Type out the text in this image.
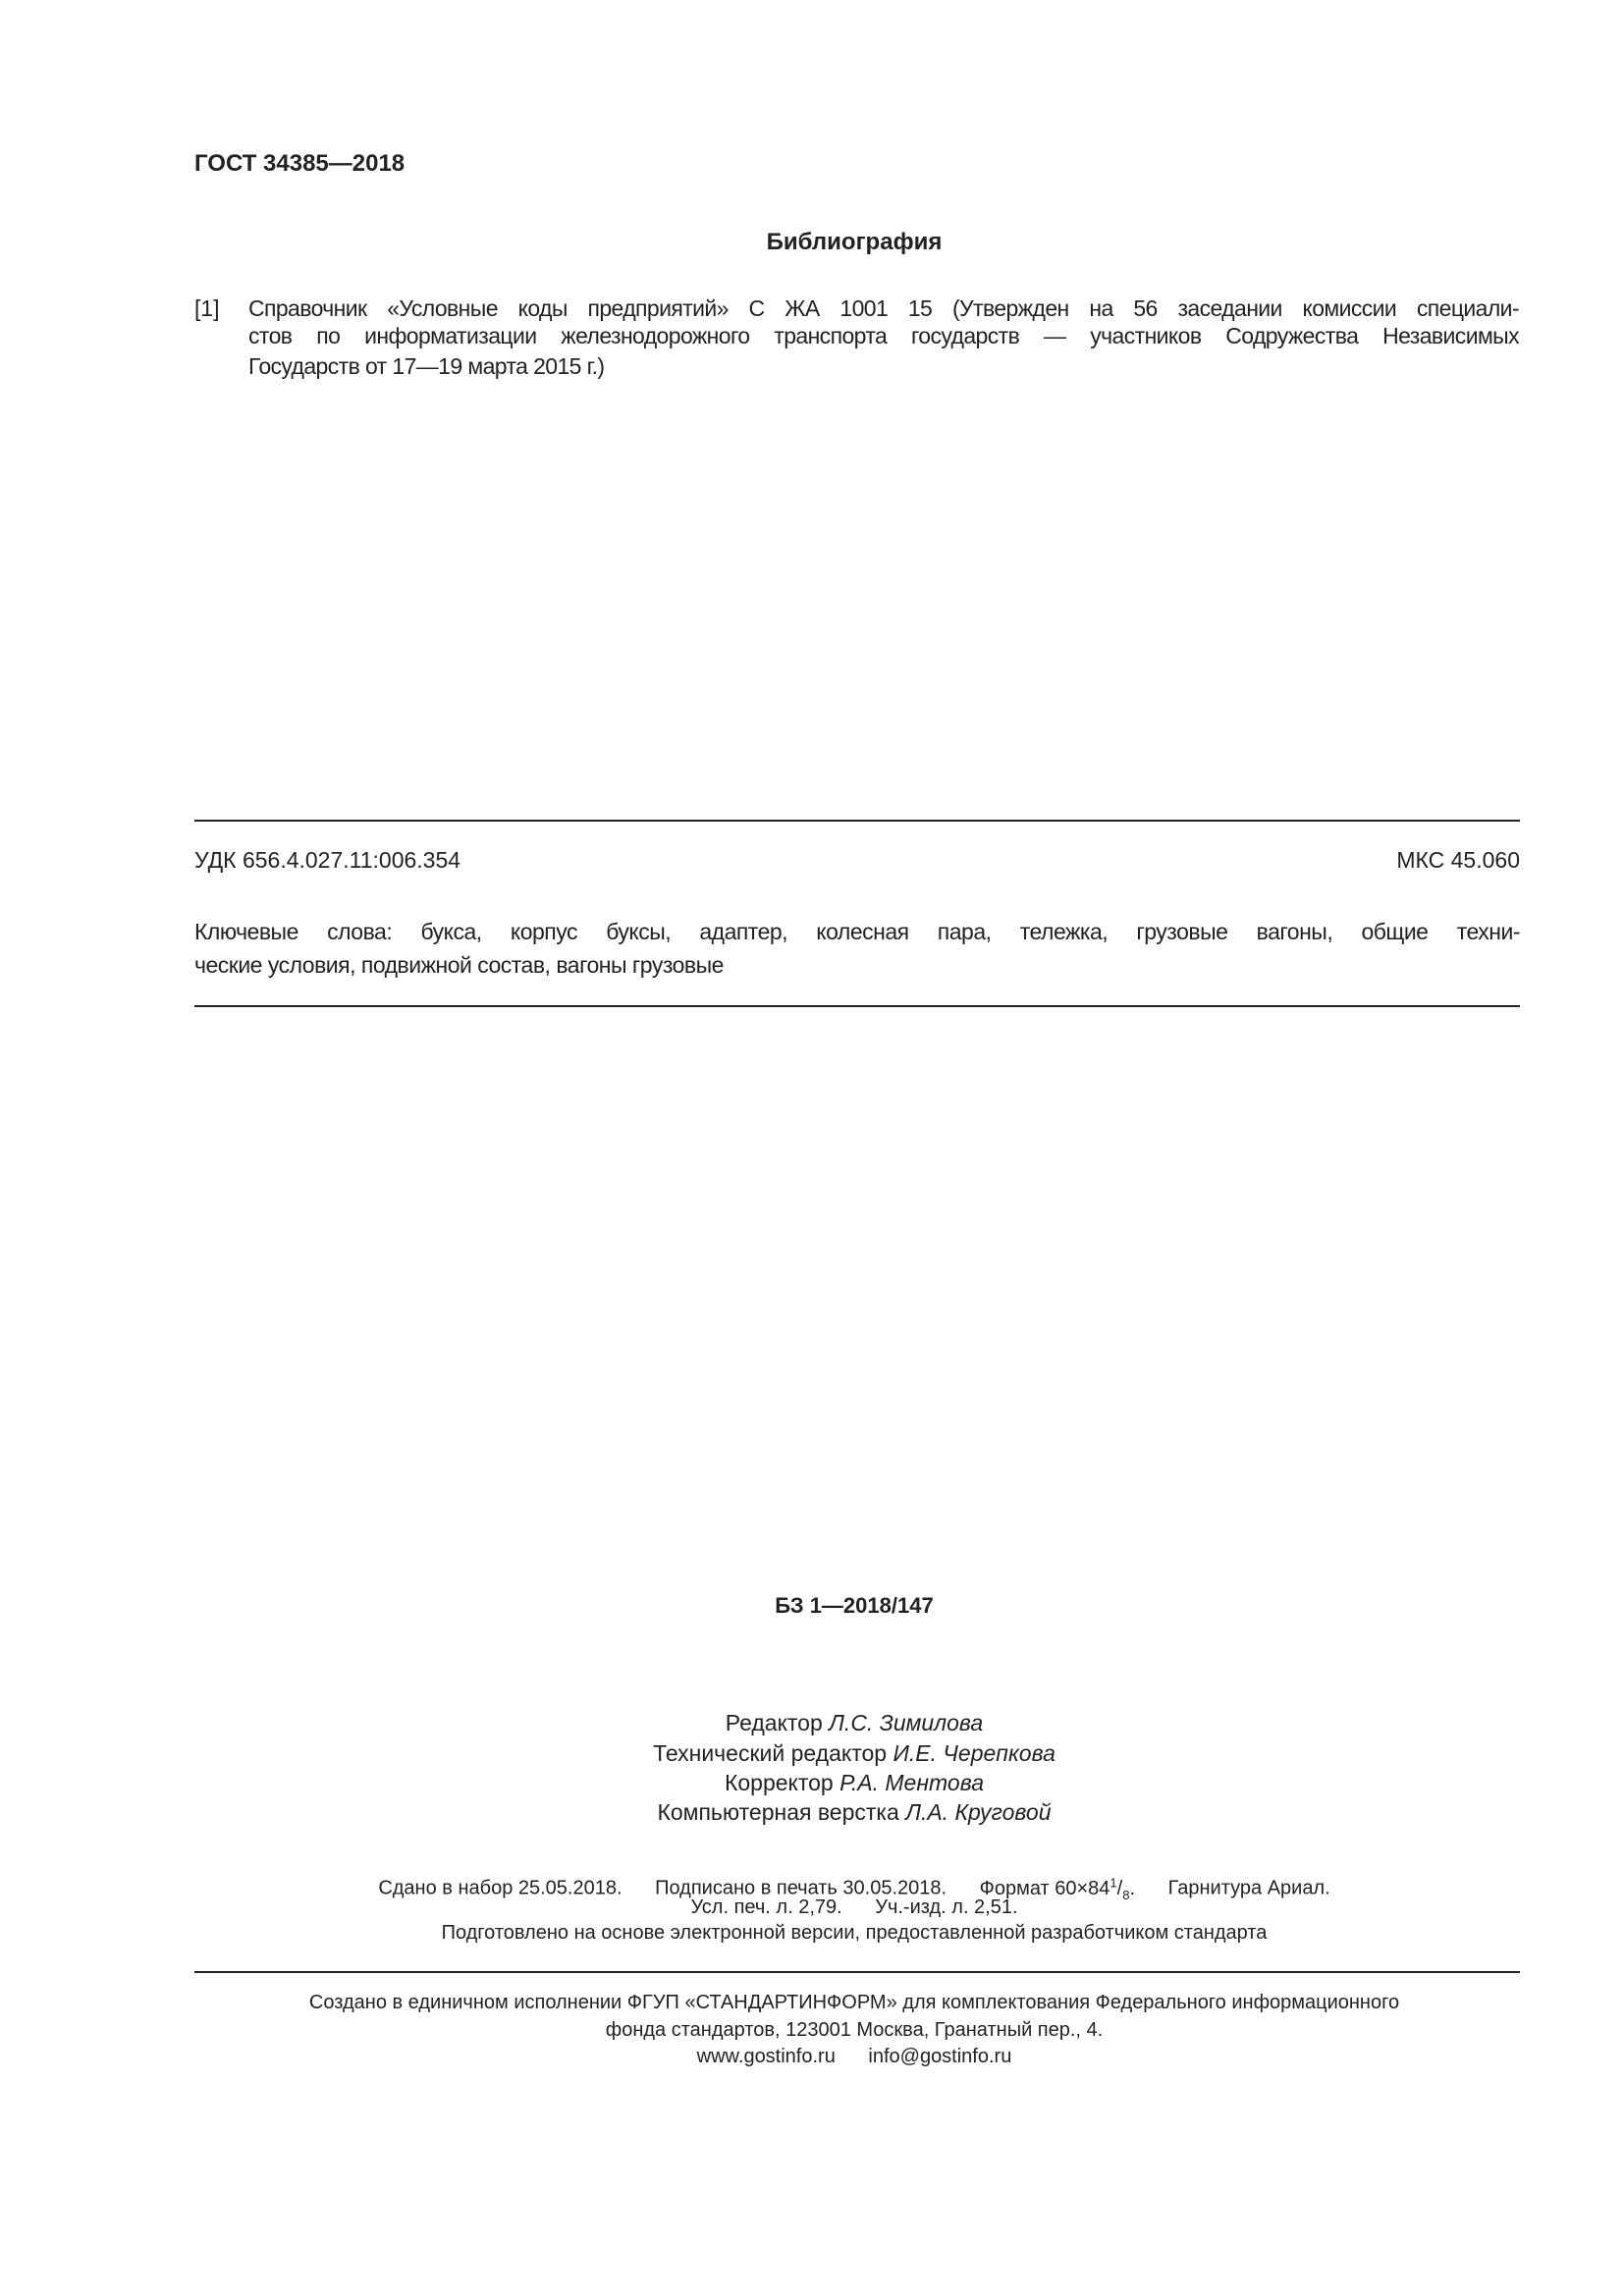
ГОСТ 34385—2018
Библиография
[1] Справочник «Условные коды предприятий» С ЖА 1001 15 (Утвержден на 56 заседании комиссии специали-
стов по информатизации железнодорожного транспорта государств — участников Содружества Независимых
Государств от 17—19 марта 2015 г.)
УДК 656.4.027.11:006.354	МКС 45.060
Ключевые слова: букса, корпус буксы, адаптер, колесная пара, тележка, грузовые вагоны, общие техни-
ческие условия, подвижной состав, вагоны грузовые
БЗ 1—2018/147
Редактор Л.С. Зимилова
Технический редактор И.Е. Черепкова
Корректор Р.А. Ментова
Компьютерная верстка Л.А. Круговой
Сдано в набор 25.05.2018. Подписано в печать 30.05.2018. Формат $60\times 84^1/_8$. Гарнитура Ариал.
Усл. печ. л. 2,79. Уч.-изд. л. 2,51.
Подготовлено на основе электронной версии, предоставленной разработчиком стандарта
Создано в единичном исполнении ФГУП «СТАНДАРТИНФОРМ» для комплектования Федерального информационного
фонда стандартов, 123001 Москва, Гранатный пер., 4.
www.gostinfo.ru info@gostinfo.ru
